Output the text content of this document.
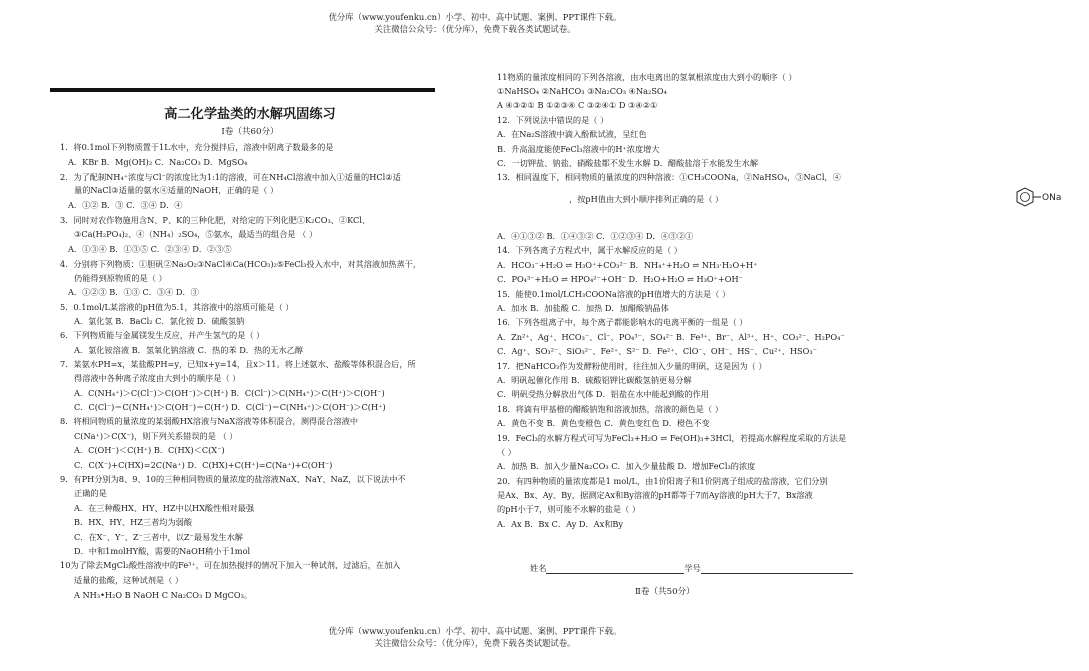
优分库（www.youfenku.cn）小学、初中、高中试题、案例、PPT课件下载。
关注微信公众号：（优分库），免费下载各类试题试卷。
高二化学盐类的水解巩固练习
Ⅰ卷（共60分）
1．将0.1mol下列物质置于1L水中，充分搅拌后，溶液中阴离子数最多的是
A．KBr B．Mg(OH)₂ C．Na₂CO₃ D．MgSO₄
2．为了配制NH₄⁺浓度与Cl⁻的浓度比为1:1的溶液，可在NH₄Cl溶液中加入①适量的HCl②适
量的NaCl③适量的氨水④适量的NaOH，正确的是（ ）
A．①② B．③ C．③④ D．④
3．同时对农作物施用含N、P、K的三种化肥，对给定的下列化肥①K₂CO₃、②KCl、
③Ca(H₂PO₄)₂、④（NH₄）₂SO₄，⑤氨水，最适当的组合是 （ ）
A．①③④ B．①③⑤ C．②③④ D．②③⑤
4．分别将下列物质：①胆矾②Na₂O₂③NaCl④Ca(HCO₃)₂⑤FeCl₃投入水中，对其溶液加热蒸干，
仍能得到原物质的是（ ）
A．①②③ B．①③ C．③④ D．③
5．0.1mol/L某溶液的pH值为5.1，其溶液中的溶质可能是（ ）
A．氯化氢 B．BaCl₂ C．氯化铵 D．硫酸氢钠
6．下列物质能与金属镁发生反应，并产生氢气的是（ ）
A．氯化铵溶液 B．氢氧化钠溶液 C．热的苯 D．热的无水乙醇
7．某氨水PH=x，某盐酸PH=y，已知x+y=14，且x＞11。将上述氨水、盐酸等体积混合后，所
得溶液中各种离子浓度由大到小的顺序是（ ）
A．C(NH₄⁺)＞C(Cl⁻)＞C(OH⁻)＞C(H⁺) B．C(Cl⁻)＞C(NH₄⁺)＞C(H⁺)＞C(OH⁻)
C．C(Cl⁻)＝C(NH₄⁺)＞C(OH⁻)＝C(H⁺) D．C(Cl⁻)＝C(NH₄⁺)＞C(OH⁻)＞C(H⁺)
8．将相同物质的量浓度的某弱酸HX溶液与NaX溶液等体积混合，测得混合溶液中
C(Na⁺)＞C(X⁻)，则下列关系错误的是 （ ）
A．C(OH⁻)＜C(H⁺) B．C(HX)＜C(X⁻)
C．C(X⁻)+C(HX)=2C(Na⁺) D．C(HX)+C(H⁺)=C(Na⁺)+C(OH⁻)
9．有PH分别为8、9、10的三种相同物质的量浓度的盐溶液NaX、NaY、NaZ，以下说法中不
正确的是
A．在三种酸HX、HY、HZ中以HX酸性相对最强
B．HX、HY、HZ三者均为弱酸
C．在X⁻、Y⁻、Z⁻三者中，以Z⁻最易发生水解
D．中和1molHY酸，需要的NaOH稍小于1mol
10为了除去MgCl₂酸性溶液中的Fe³⁺，可在加热搅拌的情况下加入一种试剂，过滤后，在加入
适量的盐酸，这种试剂是（ ）
A NH₃•H₂O B NaOH C Na₂CO₃ D MgCO₃。
11物质的量浓度相同的下列各溶液，由水电离出的氢氧根浓度由大到小的顺序（ ）
①NaHSO₄ ②NaHCO₃ ③Na₂CO₃ ④Na₂SO₄
A ④③②① B ①②③④ C ③②④① D ③④②①
12．下列说法中错误的是（ ）
A．在Na₂S溶液中滴入酚酞试液，呈红色
B．升高温度能使FeCl₃溶液中的H⁺浓度增大
C．一切钾盐、钠盐、硝酸盐都不发生水解 D．醋酸盐溶于水能发生水解
13．相同温度下，相同物质的量浓度的四种溶液：①CH₃COONa，②NaHSO₄，③NaCl，④
ONa
，按pH值由大到小顺序排列正确的是（ ）
A．④①③② B．①④③② C．①②③④ D．④③②①
14．下列各离子方程式中，属于水解反应的是（ ）
A．HCO₃⁻+H₂O ⇌ H₃O⁺+CO₃²⁻ B．NH₄⁺+H₂O ⇌ NH₃·H₂O+H⁺
C．PO₄³⁻+H₂O ⇌ HPO₄²⁻+OH⁻ D．H₂O+H₂O ⇌ H₃O⁺+OH⁻
15．能使0.1mol/LCH₃COONa溶液的pH值增大的方法是（ ）
A．加水 B．加盐酸 C．加热 D．加醋酸钠晶体
16．下列各组离子中，每个离子都能影响水的电离平衡的一组是（ ）
A．Zn²⁺、Ag⁺、HCO₃⁻、Cl⁻、PO₄³⁻、SO₄²⁻ B．Fe³⁺、Br⁻、Al³⁺、H⁺、CO₃²⁻、H₂PO₄⁻
C．Ag⁺、SO₃²⁻、SiO₃²⁻、Fe²⁺、S²⁻ D．Fe²⁺、ClO⁻、OH⁻、HS⁻、Cu²⁺、HSO₃⁻
17．把NaHCO₃作为发酵粉使用时，往往加入少量的明矾，这是因为（ ）
A．明矾起催化作用 B．硫酸铝钾比碳酸氢钠更易分解
C．明矾受热分解放出气体 D．铝盐在水中能起到酸的作用
18．将滴有甲基橙的醋酸钠饱和溶液加热，溶液的颜色是（ ）
A．黄色不变 B．黄色变橙色 C．黄色变红色 D．橙色不变
19．FeCl₃的水解方程式可写为FeCl₃+H₂O ⇌ Fe(OH)₃+3HCl，若提高水解程度采取的方法是
（ ）
A．加热 B．加入少量Na₂CO₃ C．加入少量盐酸 D．增加FeCl₃的浓度
20．有四种物质的量浓度都是1 mol/L，由1价阳离子和1价阴离子组成的盐溶液，它们分别
是Ax、Bx、Ay、By，据测定Ax和By溶液的pH都等于7而Ay溶液的pH大于7，Bx溶液
的pH小于7，则可能不水解的盐是（ ）
A．Ax B．Bx C．Ay D．Ax和By
姓名	学号
Ⅱ卷（共50分）
优分库（www.youfenku.cn）小学、初中、高中试题、案例、PPT课件下载。
关注微信公众号：（优分库），免费下载各类试题试卷。
